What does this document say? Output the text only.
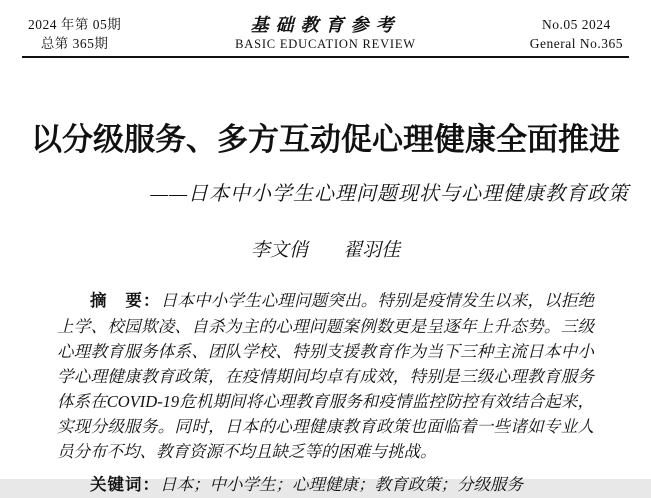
2024 年第 05期
总第 365期
基础教育参考
BASIC EDUCATION REVIEW
No.05 2024
General No.365
以分级服务、多方互动促心理健康全面推进
——日本中小学生心理问题现状与心理健康教育政策
李文俏 翟羽佳

摘　要：日本中小学生心理问题突出。特别是疫情发生以来，以拒绝上学、校园欺凌、自杀为主的心理问题案例数更是呈逐年上升态势。三级心理教育服务体系、团队学校、特别支援教育作为当下三种主流日本中小学心理健康教育政策，在疫情期间均卓有成效，特别是三级心理教育服务体系在COVID-19危机期间将心理教育服务和疫情监控防控有效结合起来，实现分级服务。同时，日本的心理健康教育政策也面临着一些诸如专业人员分布不均、教育资源不均且缺乏等的困难与挑战。

关键词：日本；中小学生；心理健康；教育政策；分级服务
